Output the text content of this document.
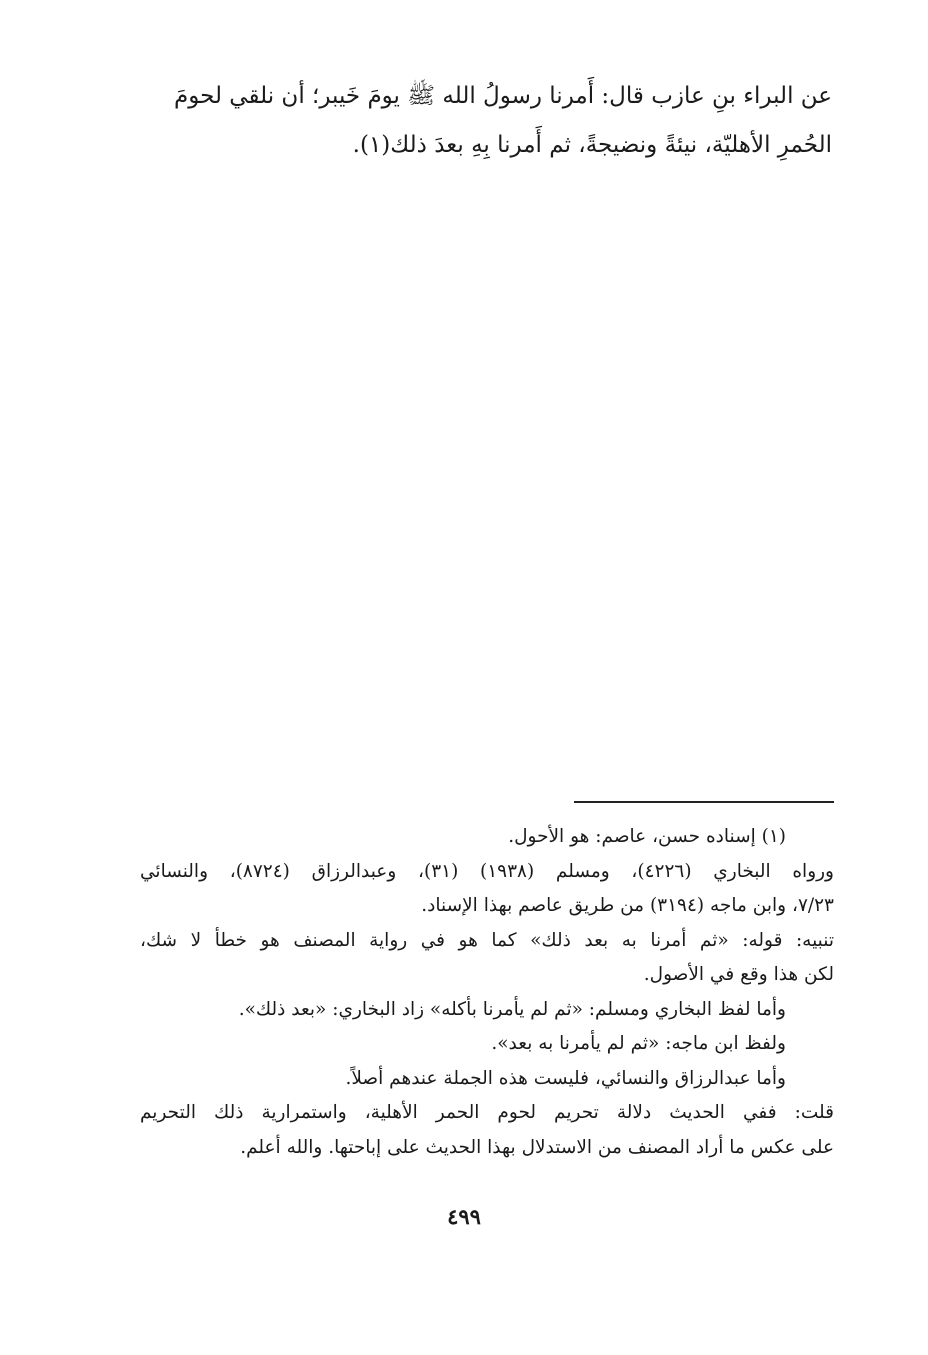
عن البراء بنِ عازب قال: أَمرنا رسولُ الله ﷺ يومَ خَيبر؛ أن نلقي لحومَ
الحُمرِ الأهليّة، نيئةً ونضيجةً، ثم أَمرنا بِهِ بعدَ ذلك(١).
(١) إسناده حسن، عاصم: هو الأحول.
ورواه البخاري (٤٢٢٦)، ومسلم (١٩٣٨) (٣١)، وعبدالرزاق (٨٧٢٤)، والنسائي
٧/٢٣، وابن ماجه (٣١٩٤) من طريق عاصم بهذا الإسناد.
تنبيه: قوله: «ثم أمرنا به بعد ذلك» كما هو في رواية المصنف هو خطأ لا شك،
لكن هذا وقع في الأصول.
وأما لفظ البخاري ومسلم: «ثم لم يأمرنا بأكله» زاد البخاري: «بعد ذلك».
ولفظ ابن ماجه: «ثم لم يأمرنا به بعد».
وأما عبدالرزاق والنسائي، فليست هذه الجملة عندهم أصلاً.
قلت: ففي الحديث دلالة تحريم لحوم الحمر الأهلية، واستمرارية ذلك التحريم
على عكس ما أراد المصنف من الاستدلال بهذا الحديث على إباحتها. والله أعلم.
٤٩٩
